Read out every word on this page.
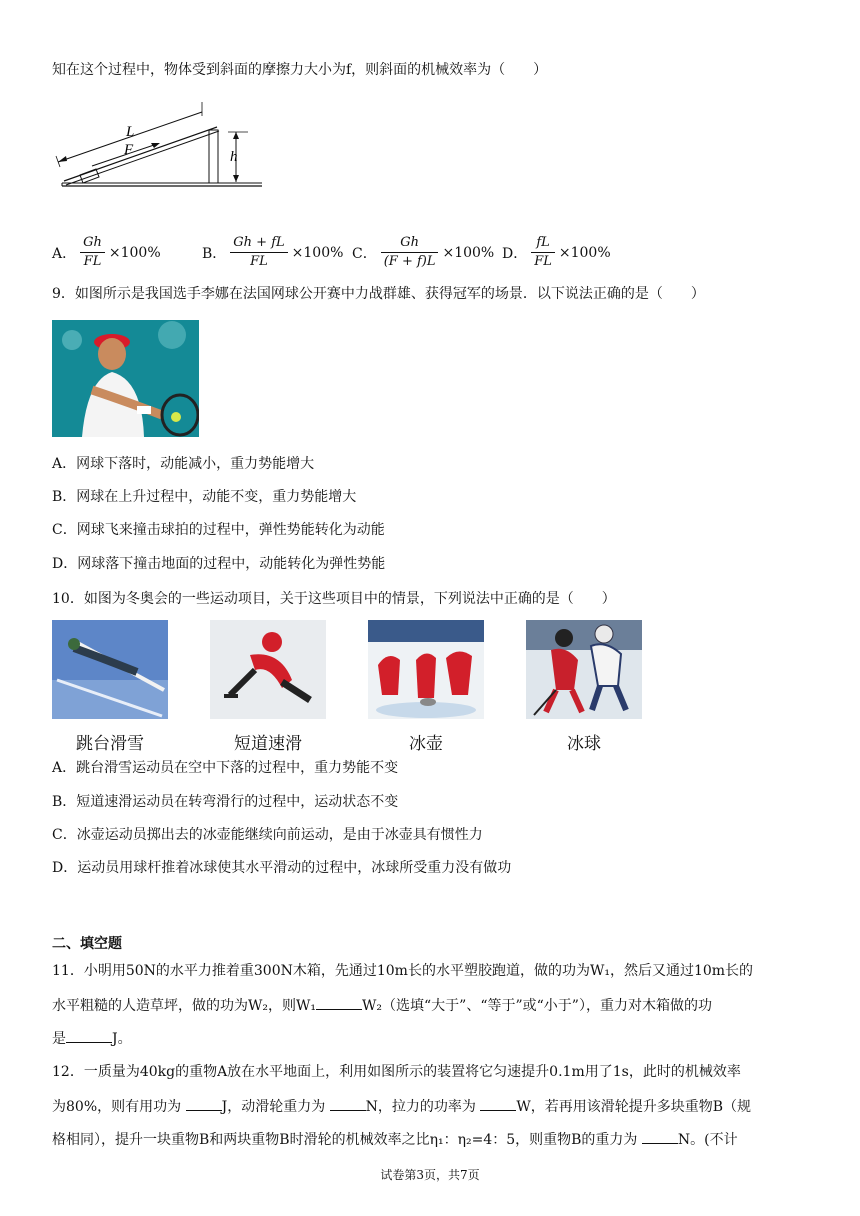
知在这个过程中，物体受到斜面的摩擦力大小为f，则斜面的机械效率为（　　）
L
F	h
A． $\frac{Gh}{FL} \times 100\%$	B． $\frac{Gh + fL}{FL} \times 100\%$ C． $\frac{Gh}{(F + f)L} \times 100\%$ D． $\frac{fL}{FL} \times 100\%$
9．如图所示是我国选手李娜在法国网球公开赛中力战群雄、获得冠军的场景．以下说法正确的是（　　）
A．网球下落时，动能减小，重力势能增大
B．网球在上升过程中，动能不变，重力势能增大
C．网球飞来撞击球拍的过程中，弹性势能转化为动能
D．网球落下撞击地面的过程中，动能转化为弹性势能
10．如图为冬奥会的一些运动项目，关于这些项目中的情景，下列说法中正确的是（　　）
跳台滑雪	短道速滑	冰壶	冰球
A．跳台滑雪运动员在空中下落的过程中，重力势能不变
B．短道速滑运动员在转弯滑行的过程中，运动状态不变
C．冰壶运动员掷出去的冰壶能继续向前运动，是由于冰壶具有惯性力
D．运动员用球杆推着冰球使其水平滑动的过程中，冰球所受重力没有做功
二、填空题
11．小明用50N的水平力推着重300N木箱，先通过10m长的水平塑胶跑道，做的功为W₁，然后又通过10m长的
水平粗糙的人造草坪，做的功为W₂，则W₁	W₂（选填“大于”、“等于”或“小于”），重力对木箱做的功
是	J。
12．一质量为40kg的重物A放在水平地面上，利用如图所示的装置将它匀速提升0.1m用了1s，此时的机械效率
为80%，则有用功为	J，动滑轮重力为	N，拉力的功率为	W，若再用该滑轮提升多块重物B（规
格相同），提升一块重物B和两块重物B时滑轮的机械效率之比η₁：η₂=4：5，则重物B的重力为	N。(不计
试卷第3页，共7页
